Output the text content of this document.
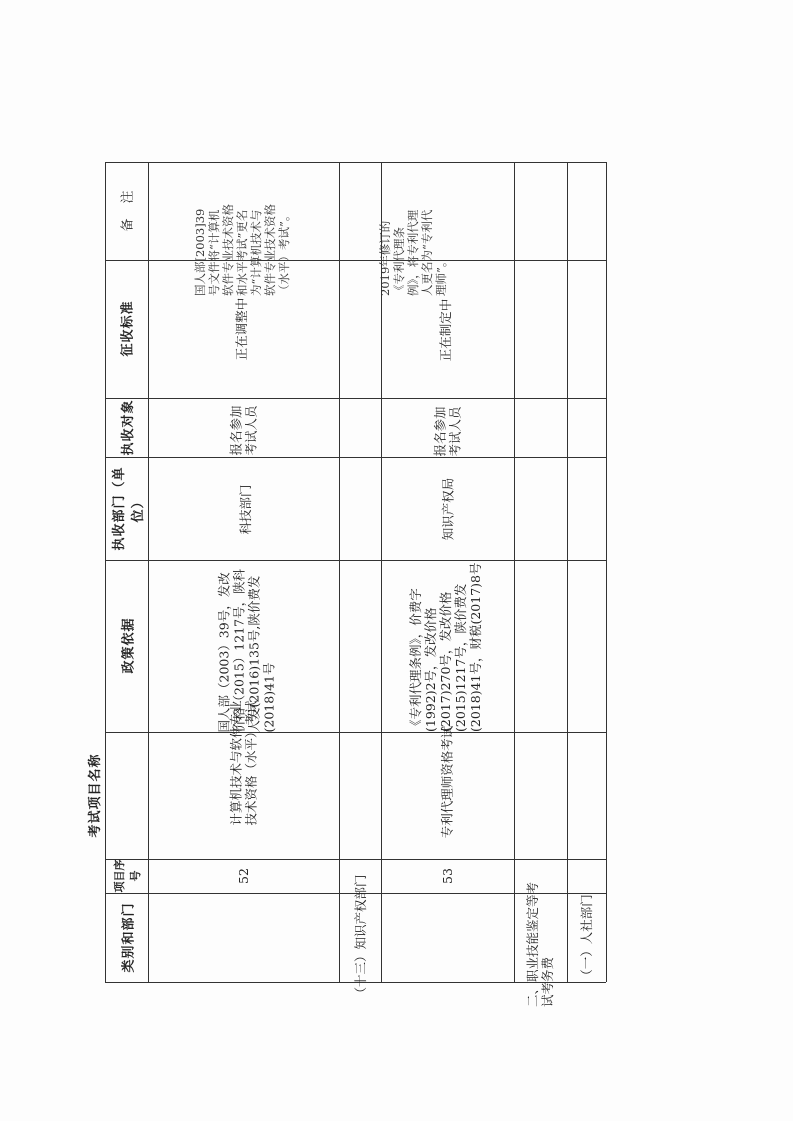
类别和部门
项目序号
考试项目名称
政策依据
执收部门（单位）
执收对象
征收标准
备　注
52
计算机技术与软件专业技术资格（水平）考试
国人部（2003）39号，发改价格（2015）1217号，陕科人发(2016)135号,陕价费发(2018)41号
科技部门
报名参加考试人员
正在调整中
国人部[2003]39号文件将“计算机软件专业技术资格和水平考试”更名为“计算机技术与软件专业技术资格（水平）考试”。
（十三）知识产权部门	53
专利代理师资格考试
《专利代理条例》，价费字(1992)2号，发改价格(2017)270号，发改价格(2015)1217号，陕价费发(2018)41号，财税(2017)8号
知识产权局
报名参加考试人员
正在制定中
2019年修订的《专利代理条例》，将专利代理人更名为“专利代理师”。
二、职业技能鉴定等考试考务费
（一）人社部门
